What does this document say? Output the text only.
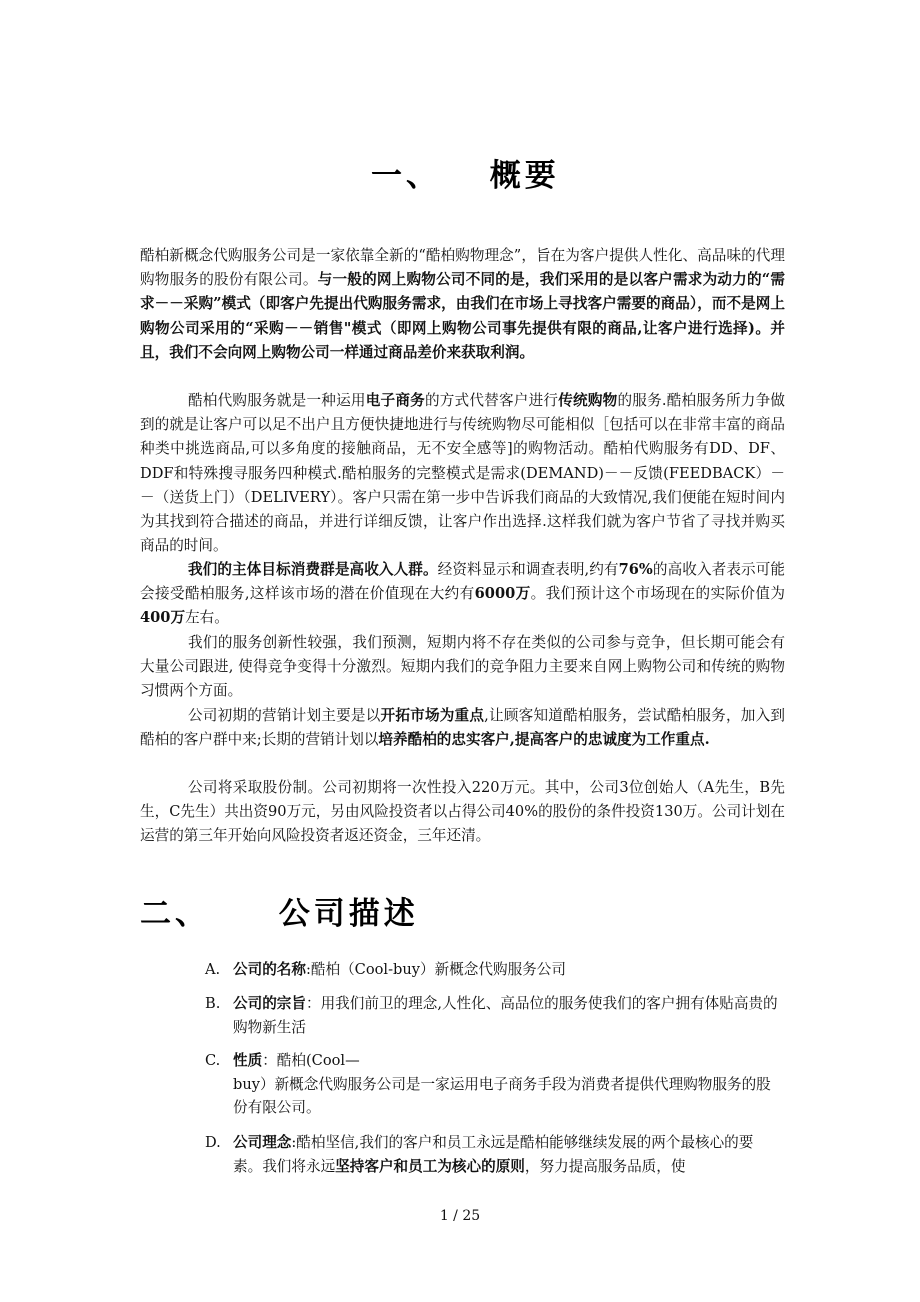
一、 概要
酷柏新概念代购服务公司是一家依靠全新的“酷柏购物理念”，旨在为客户提供人性化、高品味的代理购物服务的股份有限公司。与一般的网上购物公司不同的是，我们采用的是以客户需求为动力的“需求－－采购”模式（即客户先提出代购服务需求，由我们在市场上寻找客户需要的商品），而不是网上购物公司采用的“采购－－销售"模式（即网上购物公司事先提供有限的商品,让客户进行选择)。并且，我们不会向网上购物公司一样通过商品差价来获取利润。
酷柏代购服务就是一种运用电子商务的方式代替客户进行传统购物的服务.酷柏服务所力争做到的就是让客户可以足不出户且方便快捷地进行与传统购物尽可能相似［包括可以在非常丰富的商品种类中挑选商品,可以多角度的接触商品，无不安全感等]的购物活动。酷柏代购服务有DD、DF、DDF和特殊搜寻服务四种模式.酷柏服务的完整模式是需求(DEMAND)－－反馈(FEEDBACK）－－（送货上门）（DELIVERY）。客户只需在第一步中告诉我们商品的大致情况,我们便能在短时间内为其找到符合描述的商品，并进行详细反馈，让客户作出选择.这样我们就为客户节省了寻找并购买商品的时间。
我们的主体目标消费群是高收入人群。经资料显示和调查表明,约有76%的高收入者表示可能会接受酷柏服务,这样该市场的潜在价值现在大约有6000万。我们预计这个市场现在的实际价值为400万左右。
我们的服务创新性较强，我们预测，短期内将不存在类似的公司参与竞争，但长期可能会有大量公司跟进, 使得竞争变得十分激烈。短期内我们的竞争阻力主要来自网上购物公司和传统的购物习惯两个方面。
公司初期的营销计划主要是以开拓市场为重点,让顾客知道酷柏服务，尝试酷柏服务，加入到酷柏的客户群中来;长期的营销计划以培养酷柏的忠实客户,提高客户的忠诚度为工作重点.
公司将采取股份制。公司初期将一次性投入220万元。其中，公司3位创始人（A先生，B先生，C先生）共出资90万元，另由风险投资者以占得公司40%的股份的条件投资130万。公司计划在运营的第三年开始向风险投资者返还资金，三年还清。
二、 公司描述
A. 公司的名称:酷柏（Cool-buy）新概念代购服务公司
B. 公司的宗旨：用我们前卫的理念,人性化、高品位的服务使我们的客户拥有体贴高贵的购物新生活
C. 性质：酷柏(Cool—
buy）新概念代购服务公司是一家运用电子商务手段为消费者提供代理购物服务的股份有限公司。
D. 公司理念:酷柏坚信,我们的客户和员工永远是酷柏能够继续发展的两个最核心的要素。我们将永远坚持客户和员工为核心的原则，努力提高服务品质，使
1 / 25
